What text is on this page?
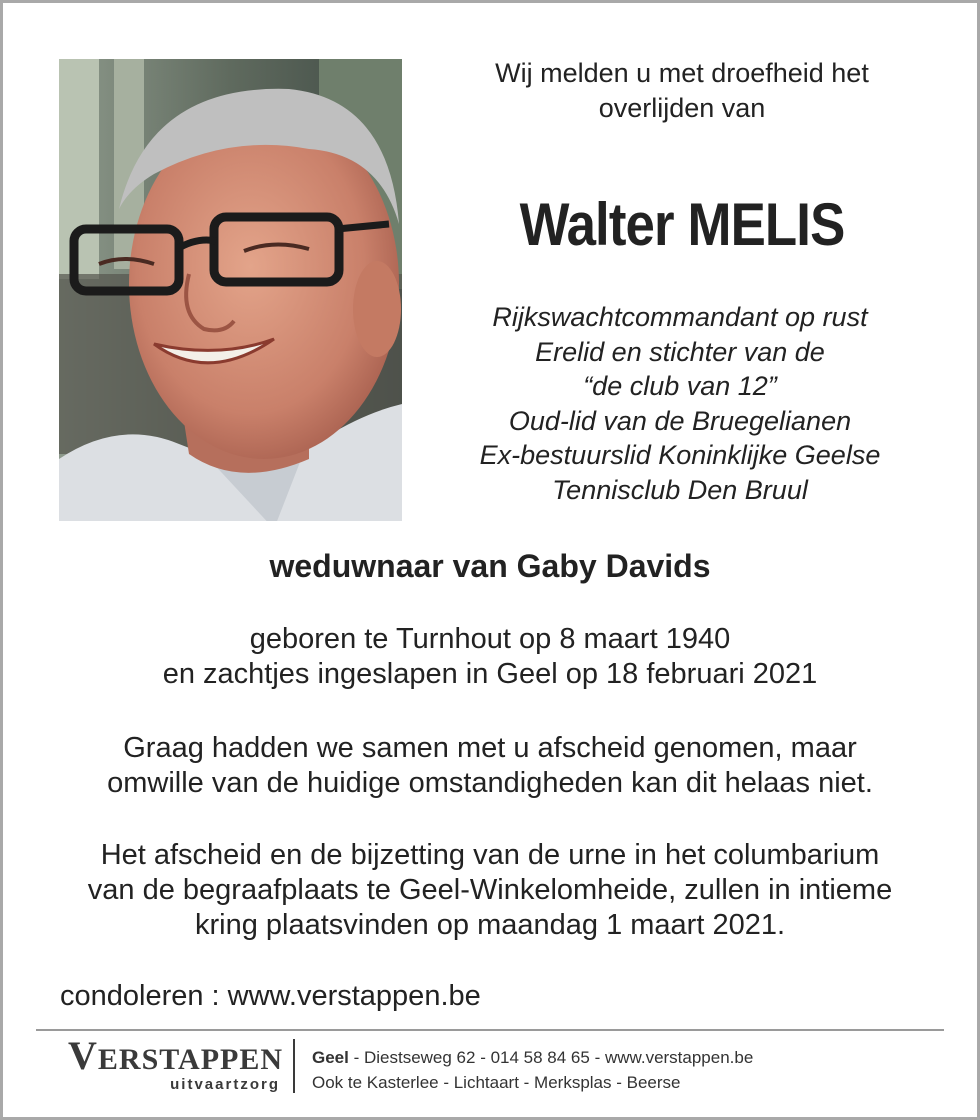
Wij melden u met droefheid het
overlijden van
Walter MELIS
Rijkswachtcommandant op rust
Erelid en stichter van de
“de club van 12”
Oud-lid van de Bruegelianen
Ex-bestuurslid Koninklijke Geelse
Tennisclub Den Bruul
weduwnaar van Gaby Davids
geboren te Turnhout op 8 maart 1940
en zachtjes ingeslapen in Geel op 18 februari 2021
Graag hadden we samen met u afscheid genomen, maar
omwille van de huidige omstandigheden kan dit helaas niet.
Het afscheid en de bijzetting van de urne in het columbarium
van de begraafplaats te Geel-Winkelomheide, zullen in intieme
kring plaatsvinden op maandag 1 maart 2021.
condoleren : www.verstappen.be
VERSTAPPEN
uitvaartzorg
Geel - Diestseweg 62 - 014 58 84 65 - www.verstappen.be
Ook te Kasterlee - Lichtaart - Merksplas - Beerse
